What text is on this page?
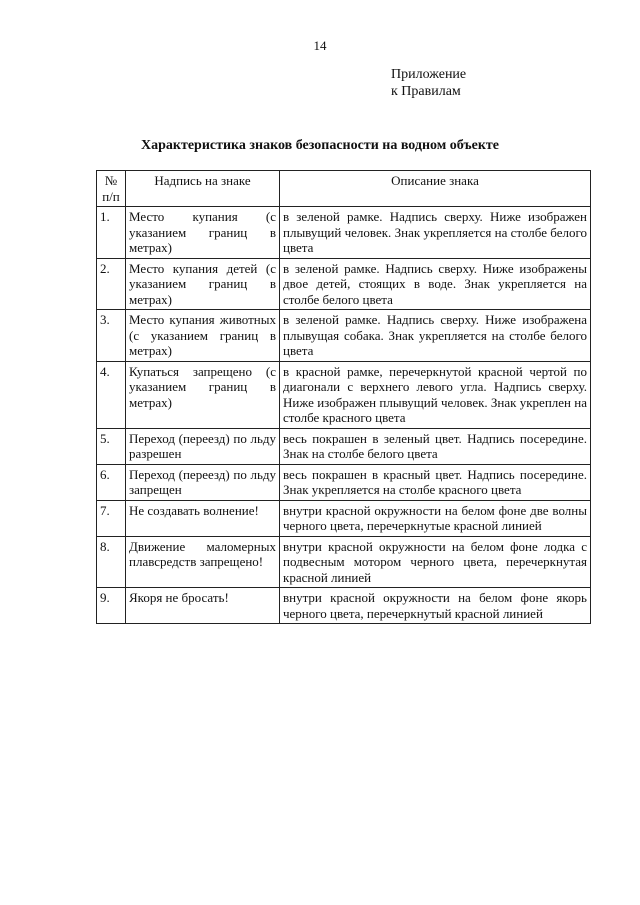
14
Приложение
к Правилам
Характеристика знаков безопасности на водном объекте
№ п/п	Надпись на знаке	Описание знака
1.	Место купания (с указанием границ в метрах)	в зеленой рамке. Надпись сверху. Ниже изображен плывущий человек. Знак укрепляется на столбе белого цвета
2.	Место купания детей (с указанием границ в метрах)	в зеленой рамке. Надпись сверху. Ниже изображены двое детей, стоящих в воде. Знак укрепляется на столбе белого цвета
3.	Место купания животных (с указанием границ в метрах)	в зеленой рамке. Надпись сверху. Ниже изображена плывущая собака. Знак укрепляется на столбе белого цвета
4.	Купаться запрещено (с указанием границ в метрах)	в красной рамке, перечеркнутой красной чертой по диагонали с верхнего левого угла. Надпись сверху. Ниже изображен плывущий человек. Знак укреплен на столбе красного цвета
5.	Переход (переезд) по льду разрешен	весь покрашен в зеленый цвет. Надпись посередине. Знак на столбе белого цвета
6.	Переход (переезд) по льду запрещен	весь покрашен в красный цвет. Надпись посередине. Знак укрепляется на столбе красного цвета
7.	Не создавать волнение!	внутри красной окружности на белом фоне две волны черного цвета, перечеркнутые красной линией
8.	Движение маломерных плавсредств запрещено!	внутри красной окружности на белом фоне лодка с подвесным мотором черного цвета, перечеркнутая красной линией
9.	Якоря не бросать!	внутри красной окружности на белом фоне якорь черного цвета, перечеркнутый красной линией
